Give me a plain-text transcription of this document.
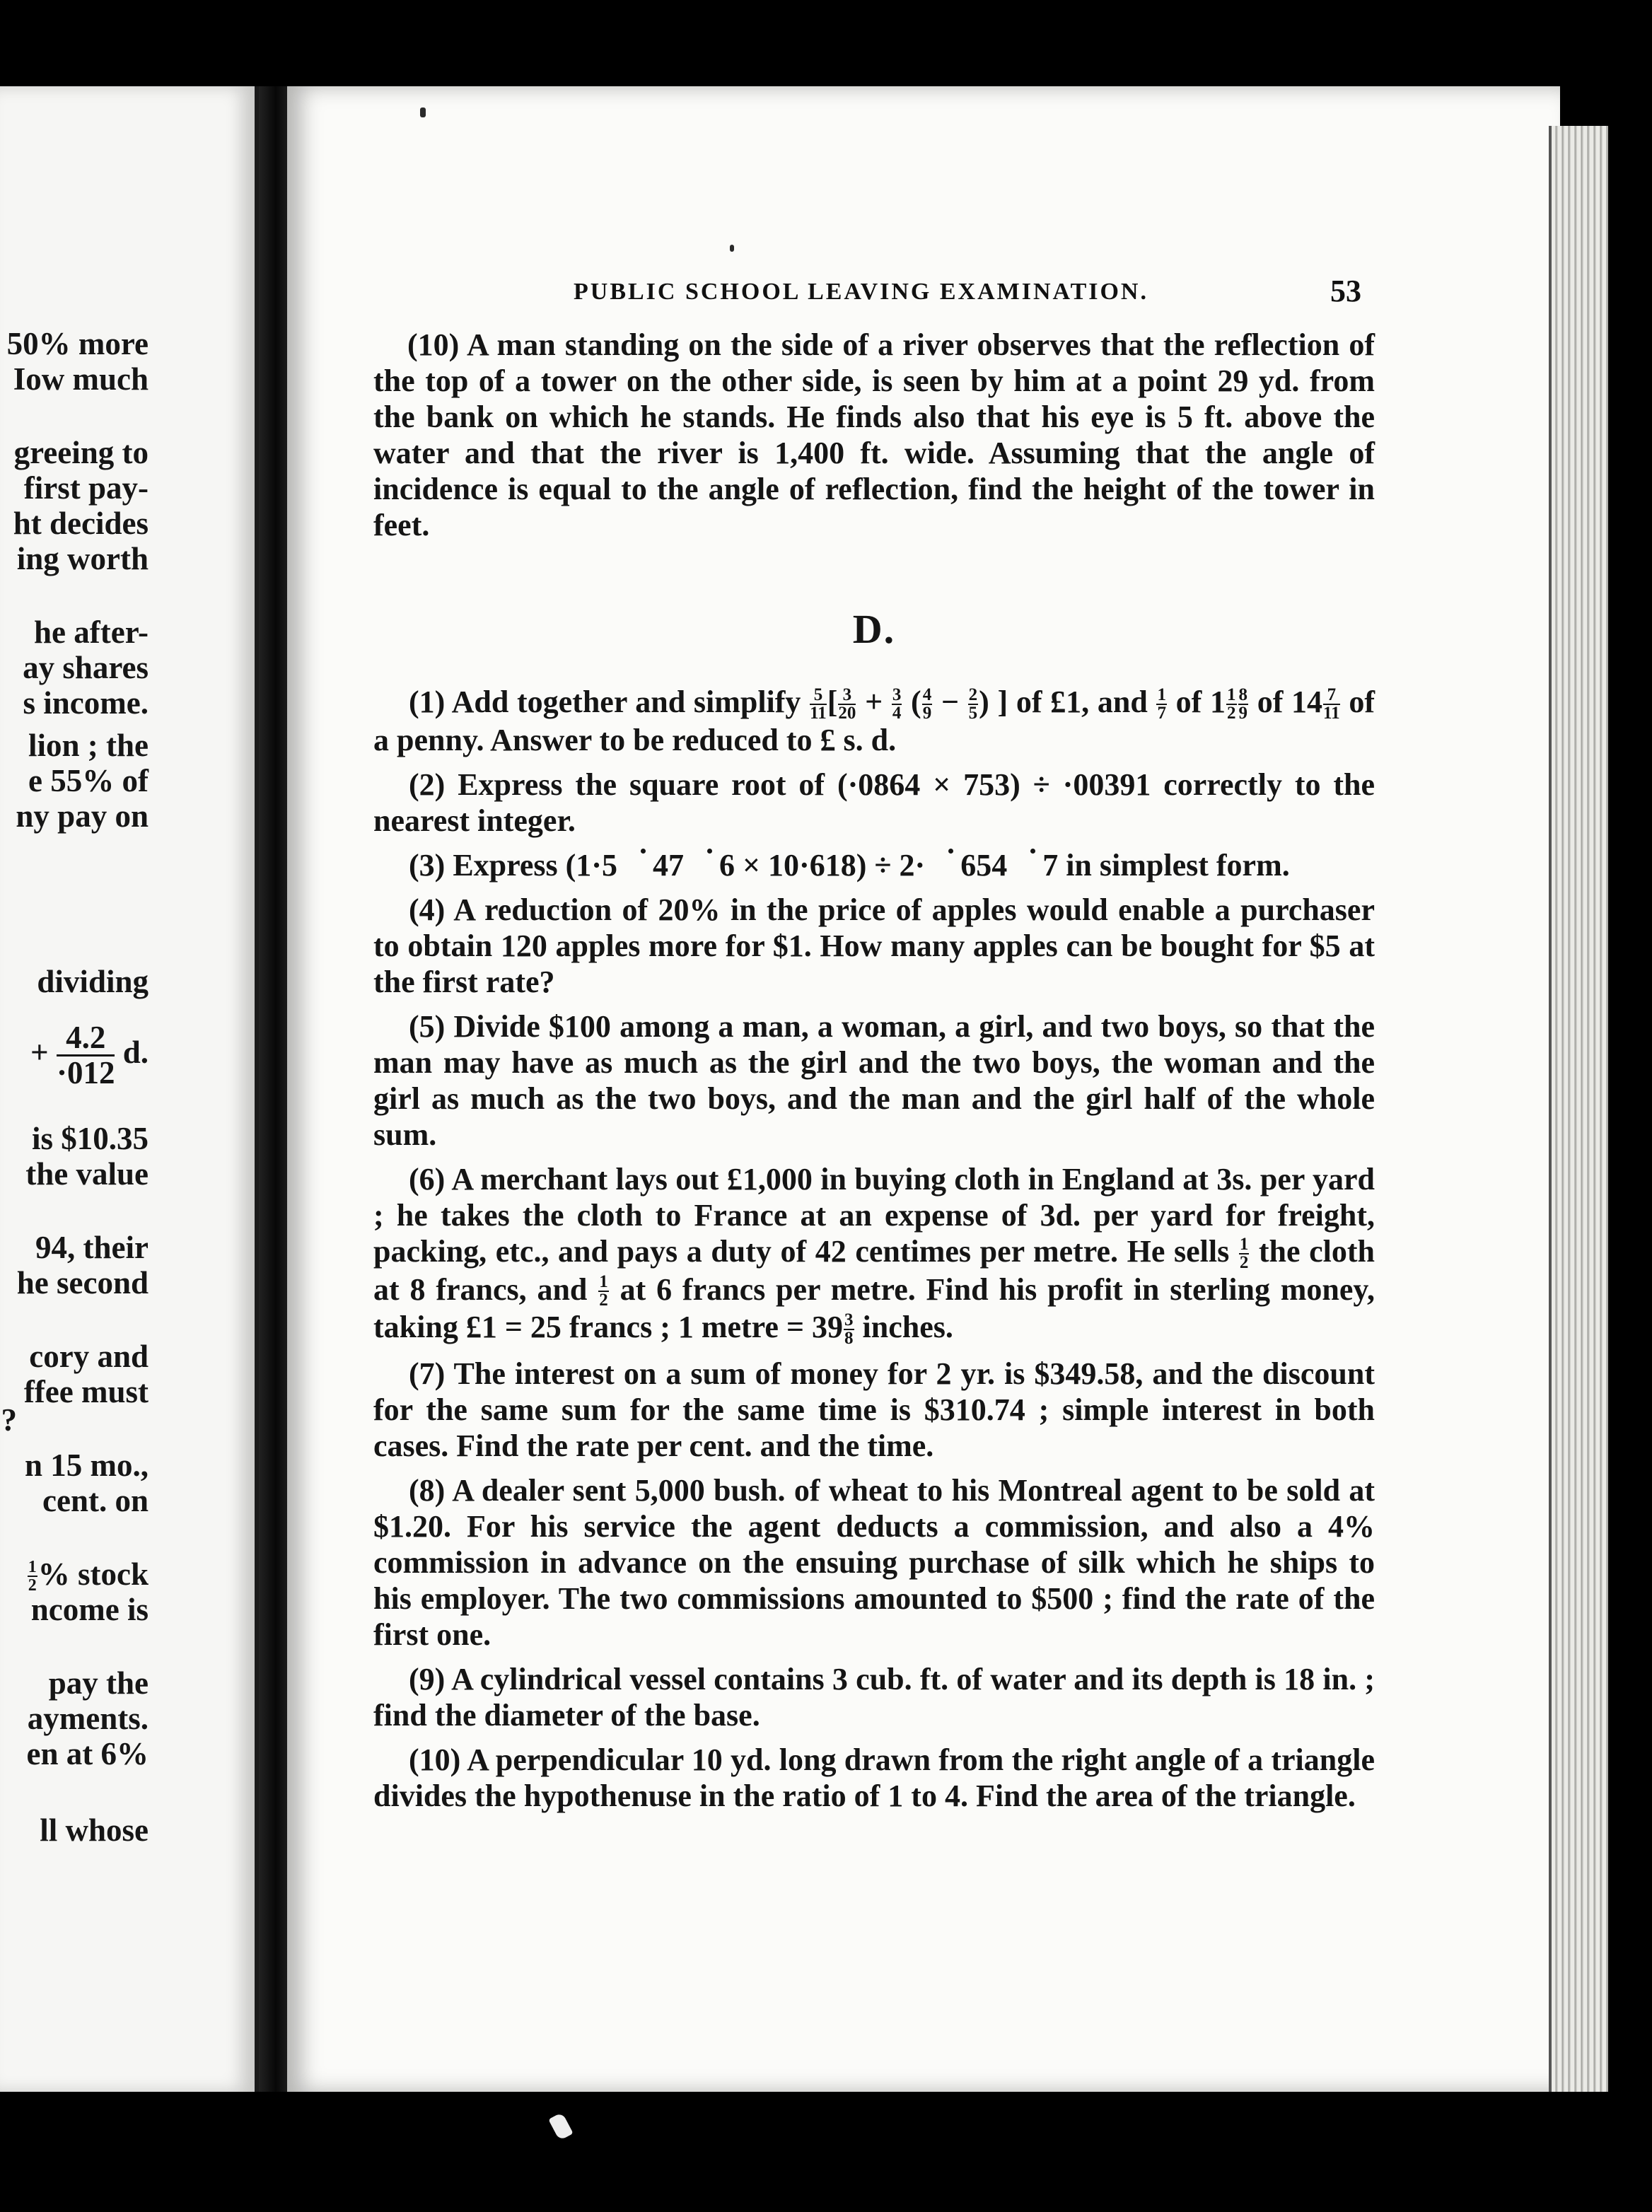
50% more
Iow much
greeing to
first pay-
ht decides
ing worth
he after-
ay shares
s income.
lion ; the
e 55% of
ny pay on
dividing
+ $\frac{4.2}{\cdot 012} d$.
is $10.35
the value
94, their
he second
cory and
ffee must
?
n 15 mo.,
cent. on
$\frac{1}{2}$ % stock
ncome is
pay the
ayments.
en at 6%
ll whose
PUBLIC SCHOOL LEAVING EXAMINATION.	53

(10) A man standing on the side of a river observes that the reflection of the top of a tower on the other side, is seen by him at a point 29 yd. from the bank on which he stands. He finds also that his eye is 5 ft. above the water and that the river is 1,400 ft. wide. Assuming that the angle of incidence is equal to the angle of reflection, find the height of the tower in feet.

D.

(1) Add together and simplify $\frac{5}{11}$ [ $\frac{3}{20} + \frac{3}{4}$ ( $\frac{4}{9} - \frac{2}{5}$ ) ] of £1, and $\frac{1}{7}$ of $1 \frac{1}{2} \frac{8}{9}$ of $14 \frac{7}{11}$ of a penny. Answer to be reduced to £ s. d.

(2) Express the square root of (·0864 × 753) ÷ ·00391 correctly to the nearest integer.

(3) Express (1·5 47 6 × 10·618) ÷ 2· 654 7 in simplest form.

(4) A reduction of 20% in the price of apples would enable a purchaser to obtain 120 apples more for $1. How many apples can be bought for $5 at the first rate?

(5) Divide $100 among a man, a woman, a girl, and two boys, so that the man may have as much as the girl and the two boys, the woman and the girl as much as the two boys, and the man and the girl half of the whole sum.

(6) A merchant lays out £1,000 in buying cloth in England at 3s. per yard ; he takes the cloth to France at an expense of 3d. per yard for freight, packing, etc., and pays a duty of 42 centimes per metre. He sells $\frac{1}{2}$ the cloth at 8 francs, and $\frac{1}{2}$ at 6 francs per metre. Find his profit in sterling money, taking £1 = 25 francs ; 1 metre = $39 \frac{3}{8}$ inches.

(7) The interest on a sum of money for 2 yr. is $349.58, and the discount for the same sum for the same time is $310.74 ; simple interest in both cases. Find the rate per cent. and the time.

(8) A dealer sent 5,000 bush. of wheat to his Montreal agent to be sold at $1.20. For his service the agent deducts a commission, and also a 4% commission in advance on the ensuing purchase of silk which he ships to his employer. The two commissions amounted to $500 ; find the rate of the first one.

(9) A cylindrical vessel contains 3 cub. ft. of water and its depth is 18 in. ; find the diameter of the base.

(10) A perpendicular 10 yd. long drawn from the right angle of a triangle divides the hypothenuse in the ratio of 1 to 4. Find the area of the triangle.
